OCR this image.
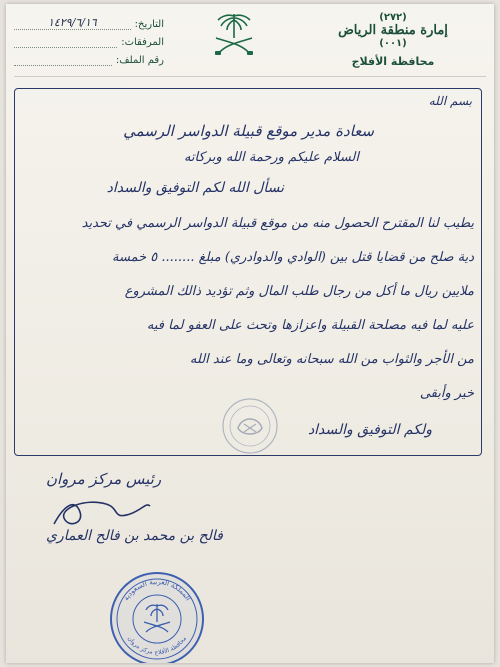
(٢٧٢)
إمارة منطقة الرياض
(٠٠١)
محافظة الأفلاج
التاريخ:
١٤٢٩/٦/١٦
المرفقات:
رقم الملف:
بسم الله
سعادة مدير موقع قبيلة الدواسر الرسمي
السلام عليكم ورحمة الله وبركاته
نسأل الله لكم التوفيق والسداد
يطيب لنا المقترح الحصول منه من موقع قبيلة الدواسر الرسمي في تحديد
دية صلح من قضايا قتل بين (الوادي والدوادري) مبلغ ........ ٥ خمسة
ملايين ريال ما أكل من رجال طلب المال وثم تؤديد ذالك المشروع
عليه لما فيه مصلحة القبيلة واعزازها وتحث على العفو لما فيه
من الأجر والثواب من الله سبحانه وتعالى وما عند الله
خير وأبقى
ولكم التوفيق والسداد
رئيس مركز مروان
فالح بن محمد بن فالح العماري
المملكة العربية السعودية
محافظة الأفلاج مركز مروان
